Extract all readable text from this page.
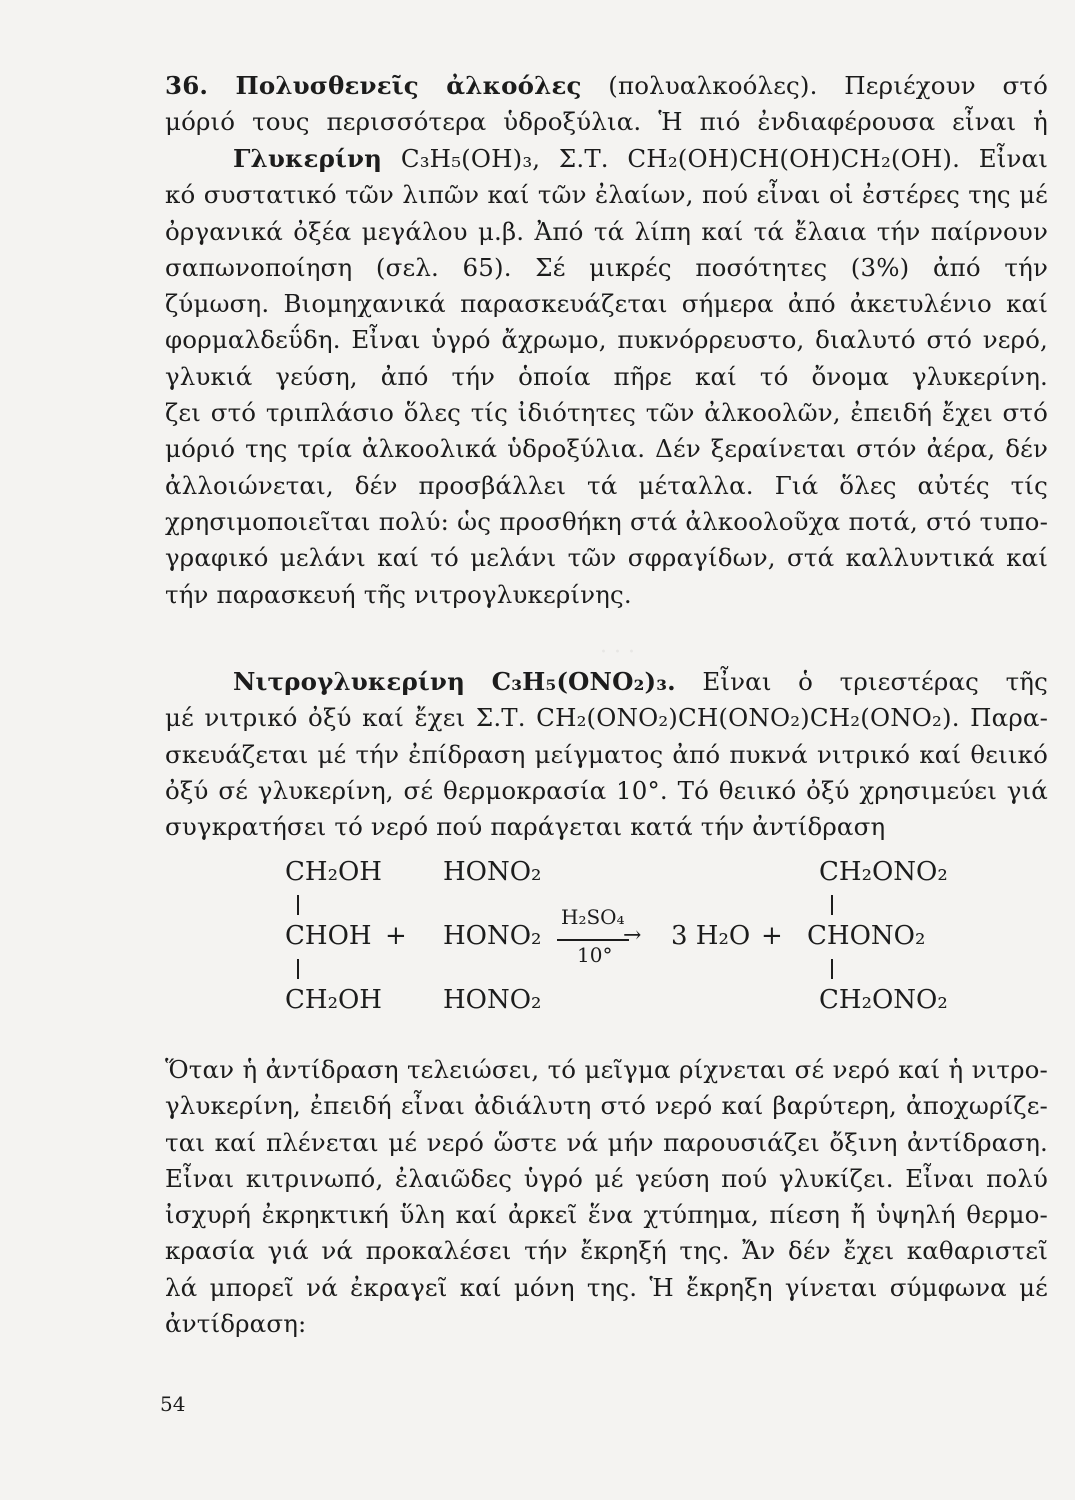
· · ·
36. Πολυσθενεῖς ἀλκοόλες (πολυαλκοόλες). Περιέχουν στό
μόριό τους περισσότερα ὑδροξύλια. Ἡ πιό ἐνδιαφέρουσα εἶναι ἡ
Γλυκερίνη C₃H₅(OH)₃, Σ.Τ. CH₂(OH)CH(OH)CH₂(OH). Εἶναι
κό συστατικό τῶν λιπῶν καί τῶν ἐλαίων, πού εἶναι οἱ ἐστέρες της μέ
ὀργανικά ὀξέα μεγάλου μ.β. Ἀπό τά λίπη καί τά ἔλαια τήν παίρνουν
σαπωνοποίηση (σελ. 65). Σέ μικρές ποσότητες (3%) ἀπό τήν
ζύμωση. Βιομηχανικά παρασκευάζεται σήμερα ἀπό ἀκετυλένιο καί
φορμαλδεΰδη. Εἶναι ὑγρό ἄχρωμο, πυκνόρρευστο, διαλυτό στό νερό,
γλυκιά γεύση, ἀπό τήν ὁποία πῆρε καί τό ὄνομα γλυκερίνη.
ζει στό τριπλάσιο ὅλες τίς ἰδιότητες τῶν ἀλκοολῶν, ἐπειδή ἔχει στό
μόριό της τρία ἀλκοολικά ὑδροξύλια. Δέν ξεραίνεται στόν ἀέρα, δέν
ἀλλοιώνεται, δέν προσβάλλει τά μέταλλα. Γιά ὅλες αὐτές τίς
χρησιμοποιεῖται πολύ: ὡς προσθήκη στά ἀλκοολοῦχα ποτά, στό τυπο-
γραφικό μελάνι καί τό μελάνι τῶν σφραγίδων, στά καλλυντικά καί
τήν παρασκευή τῆς νιτρογλυκερίνης.
Νιτρογλυκερίνη C₃H₅(ONO₂)₃. Εἶναι ὁ τριεστέρας τῆς
μέ νιτρικό ὀξύ καί ἔχει Σ.Τ. CH₂(ONO₂)CH(ONO₂)CH₂(ONO₂). Παρα-
σκευάζεται μέ τήν ἐπίδραση μείγματος ἀπό πυκνά νιτρικό καί θειικό
ὀξύ σέ γλυκερίνη, σέ θερμοκρασία 10°. Τό θειικό ὀξύ χρησιμεύει γιά
συγκρατήσει τό νερό πού παράγεται κατά τήν ἀντίδραση
CH₂OH
CHOH
CH₂OH
+
HONO₂
HONO₂
HONO₂
H₂SO₄
→
10°
3 H₂O +
CH₂ONO₂
CHONO₂
CH₂ONO₂
Ὅταν ἡ ἀντίδραση τελειώσει, τό μεῖγμα ρίχνεται σέ νερό καί ἡ νιτρο-
γλυκερίνη, ἐπειδή εἶναι ἀδιάλυτη στό νερό καί βαρύτερη, ἀποχωρίζε-
ται καί πλένεται μέ νερό ὥστε νά μήν παρουσιάζει ὄξινη ἀντίδραση.
Εἶναι κιτρινωπό, ἐλαιῶδες ὑγρό μέ γεύση πού γλυκίζει. Εἶναι πολύ
ἰσχυρή ἐκρηκτική ὕλη καί ἀρκεῖ ἕνα χτύπημα, πίεση ἤ ὑψηλή θερμο-
κρασία γιά νά προκαλέσει τήν ἔκρηξή της. Ἄν δέν ἔχει καθαριστεῖ
λά μπορεῖ νά ἐκραγεῖ καί μόνη της. Ἡ ἔκρηξη γίνεται σύμφωνα μέ
ἀντίδραση:
54
